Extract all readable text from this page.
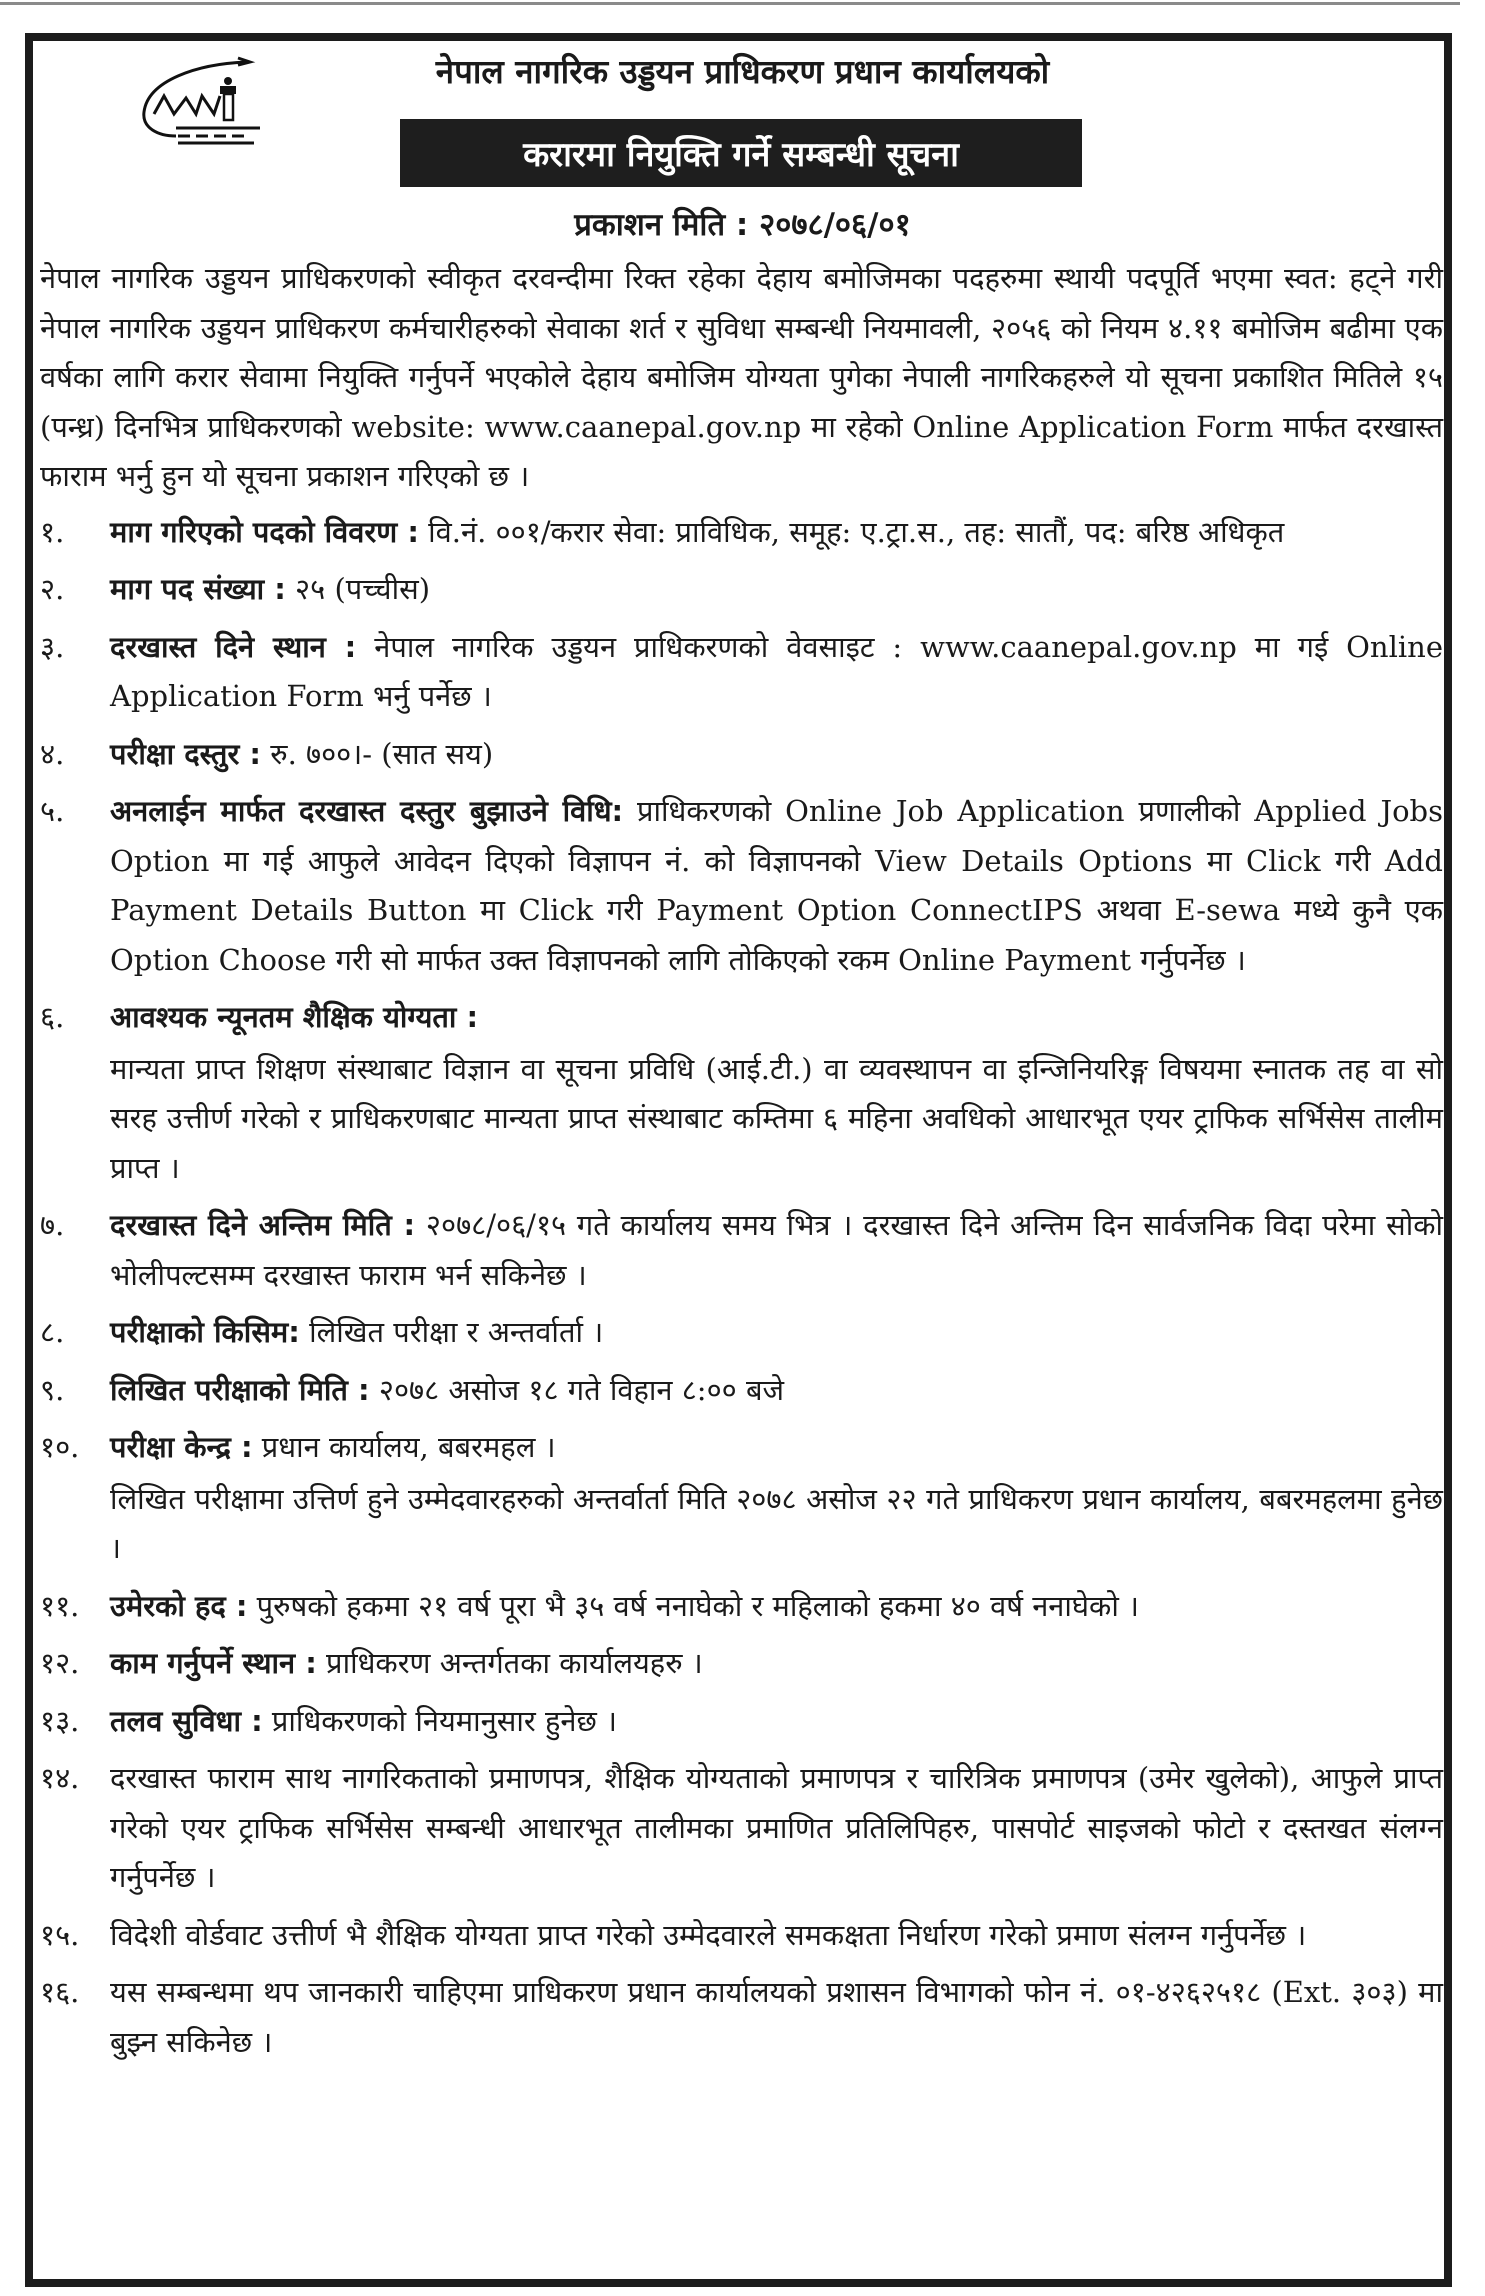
नेपाल नागरिक उड्डयन प्राधिकरण प्रधान कार्यालयको
करारमा नियुक्ति गर्ने सम्बन्धी सूचना
प्रकाशन मिति : २०७८/०६/०१

नेपाल नागरिक उड्डयन प्राधिकरणको स्वीकृत दरवन्दीमा रिक्त रहेका देहाय बमोजिमका पदहरुमा स्थायी पदपूर्ति भएमा स्वत: हट्ने गरी नेपाल नागरिक उड्डयन प्राधिकरण कर्मचारीहरुको सेवाका शर्त र सुविधा सम्बन्धी नियमावली, २०५६ को नियम ४.११ बमोजिम बढीमा एक वर्षका लागि करार सेवामा नियुक्ति गर्नुपर्ने भएकोले देहाय बमोजिम योग्यता पुगेका नेपाली नागरिकहरुले यो सूचना प्रकाशित मितिले १५ (पन्ध्र) दिनभित्र प्राधिकरणको website: www.caanepal.gov.np मा रहेको Online Application Form मार्फत दरखास्त फाराम भर्नु हुन यो सूचना प्रकाशन गरिएको छ ।

१.	माग गरिएको पदको विवरण : वि.नं. ००१/करार सेवा: प्राविधिक, समूह: ए.ट्रा.स., तह: सातौं, पद: बरिष्ठ अधिकृत
२.	माग पद संख्या : २५ (पच्चीस)
३.	दरखास्त दिने स्थान : नेपाल नागरिक उड्डयन प्राधिकरणको वेवसाइट : www.caanepal.gov.np मा गई Online Application Form भर्नु पर्नेछ ।
४.	परीक्षा दस्तुर : रु. ७००।- (सात सय)
५.	अनलाईन मार्फत दरखास्त दस्तुर बुझाउने विधि: प्राधिकरणको Online Job Application प्रणालीको Applied Jobs Option मा गई आफुले आवेदन दिएको विज्ञापन नं. को विज्ञापनको View Details Options मा Click गरी Add Payment Details Button मा Click गरी Payment Option ConnectIPS अथवा E-sewa मध्ये कुनै एक Option Choose गरी सो मार्फत उक्त विज्ञापनको लागि तोकिएको रकम Online Payment गर्नुपर्नेछ ।
६.	आवश्यक न्यूनतम शैक्षिक योग्यता :
मान्यता प्राप्त शिक्षण संस्थाबाट विज्ञान वा सूचना प्रविधि (आई.टी.) वा व्यवस्थापन वा इन्जिनियरिङ्ग विषयमा स्नातक तह वा सो सरह उत्तीर्ण गरेको र प्राधिकरणबाट मान्यता प्राप्त संस्थाबाट कम्तिमा ६ महिना अवधिको आधारभूत एयर ट्राफिक सर्भिसेस तालीम प्राप्त ।
७.	दरखास्त दिने अन्तिम मिति : २०७८/०६/१५ गते कार्यालय समय भित्र । दरखास्त दिने अन्तिम दिन सार्वजनिक विदा परेमा सोको भोलीपल्टसम्म दरखास्त फाराम भर्न सकिनेछ ।
८.	परीक्षाको किसिम: लिखित परीक्षा र अन्तर्वार्ता ।
९.	लिखित परीक्षाको मिति : २०७८ असोज १८ गते विहान ८:०० बजे
१०.	परीक्षा केन्द्र : प्रधान कार्यालय, बबरमहल ।
लिखित परीक्षामा उत्तिर्ण हुने उम्मेदवारहरुको अन्तर्वार्ता मिति २०७८ असोज २२ गते प्राधिकरण प्रधान कार्यालय, बबरमहलमा हुनेछ ।
११.	उमेरको हद : पुरुषको हकमा २१ वर्ष पूरा भै ३५ वर्ष ननाघेको र महिलाको हकमा ४० वर्ष ननाघेको ।
१२.	काम गर्नुपर्ने स्थान : प्राधिकरण अन्तर्गतका कार्यालयहरु ।
१३.	तलव सुविधा : प्राधिकरणको नियमानुसार हुनेछ ।
१४.	दरखास्त फाराम साथ नागरिकताको प्रमाणपत्र, शैक्षिक योग्यताको प्रमाणपत्र र चारित्रिक प्रमाणपत्र (उमेर खुलेको), आफुले प्राप्त गरेको एयर ट्राफिक सर्भिसेस सम्बन्धी आधारभूत तालीमका प्रमाणित प्रतिलिपिहरु, पासपोर्ट साइजको फोटो र दस्तखत संलग्न गर्नुपर्नेछ ।
१५.	विदेशी वोर्डवाट उत्तीर्ण भै शैक्षिक योग्यता प्राप्त गरेको उम्मेदवारले समकक्षता निर्धारण गरेको प्रमाण संलग्न गर्नुपर्नेछ ।
१६.	यस सम्बन्धमा थप जानकारी चाहिएमा प्राधिकरण प्रधान कार्यालयको प्रशासन विभागको फोन नं. ०१-४२६२५१८ (Ext. ३०३) मा बुझ्न सकिनेछ ।
